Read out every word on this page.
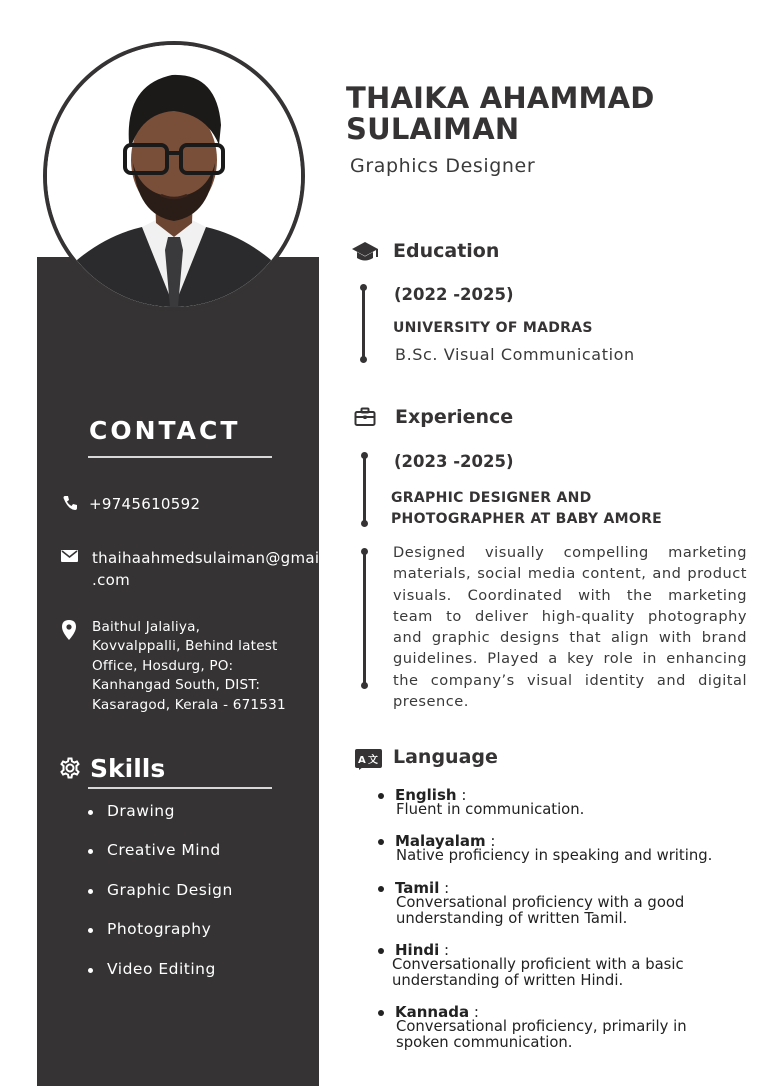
THAIKA AHAMMAD
SULAIMAN
Graphics Designer
Education
(2022 -2025)
UNIVERSITY OF MADRAS
B.Sc. Visual Communication
Experience
(2023 -2025)
GRAPHIC DESIGNER AND
PHOTOGRAPHER AT BABY AMORE
Designed visually compelling marketing materials, social media content, and product visuals. Coordinated with the marketing team to deliver high-quality photography and graphic designs that align with brand guidelines. Played a key role in enhancing the company’s visual identity and digital presence.
A 文 Language
English :
Fluent in communication.
Malayalam :
Native proficiency in speaking and writing.
Tamil :
Conversational proficiency with a good understanding of written Tamil.
Hindi :
Conversationally proficient with a basic understanding of written Hindi.
Kannada :
Conversational proficiency, primarily in spoken communication.
CONTACT
+9745610592
thaihaahmedsulaiman@gmail
.com
Baithul Jalaliya,
Kovvalppalli, Behind latest
Office, Hosdurg, PO:
Kanhangad South, DIST:
Kasaragod, Kerala - 671531
Skills
Drawing
Creative Mind
Graphic Design
Photography
Video Editing
